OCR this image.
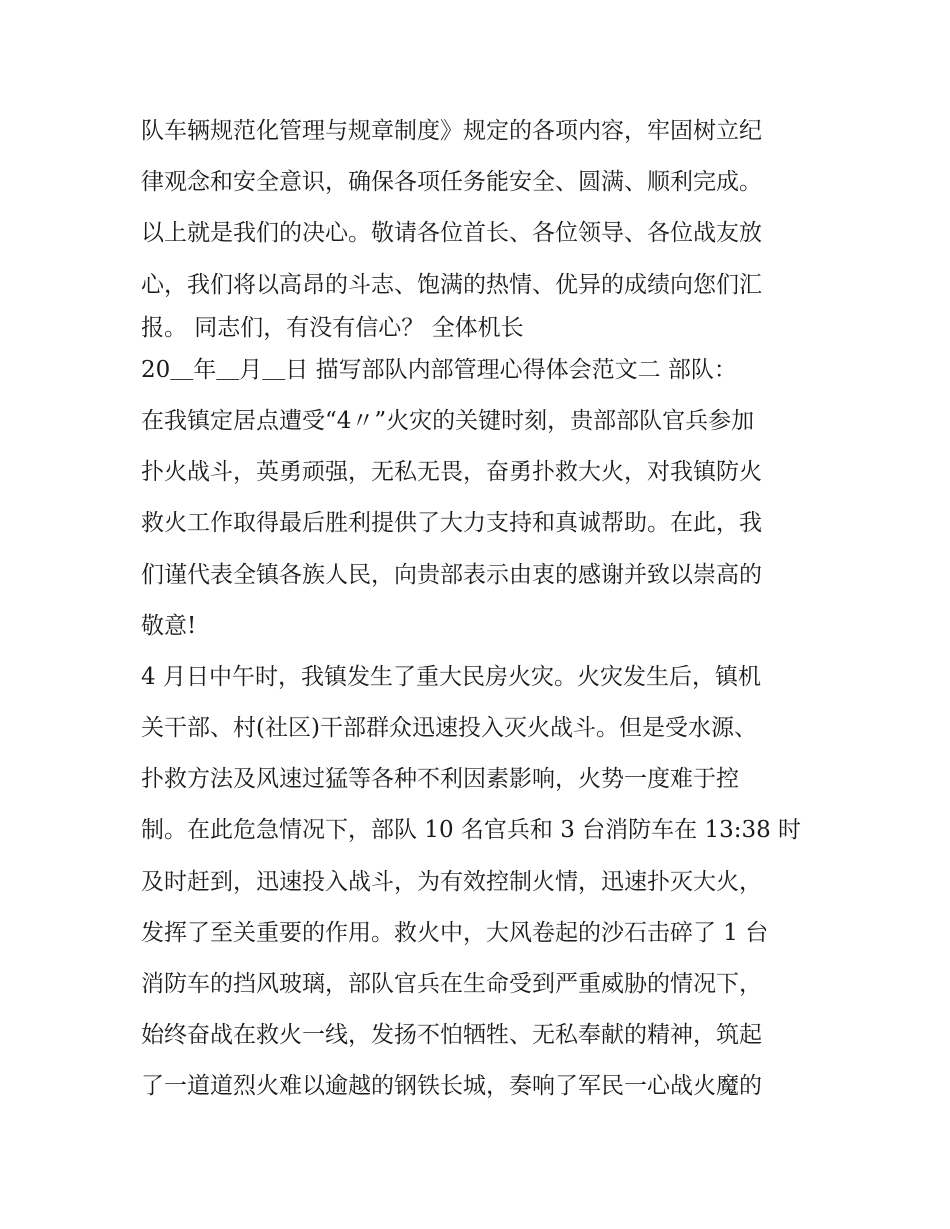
队车辆规范化管理与规章制度》规定的各项内容，牢固树立纪
律观念和安全意识，确保各项任务能安全、圆满、顺利完成。
以上就是我们的决心。敬请各位首长、各位领导、各位战友放
心，我们将以高昂的斗志、饱满的热情、优异的成绩向您们汇
报。 同志们，有没有信心？ 全体机长
20＿年＿月＿日 描写部队内部管理心得体会范文二 部队：
在我镇定居点遭受“4〃”火灾的关键时刻，贵部部队官兵参加
扑火战斗，英勇顽强，无私无畏，奋勇扑救大火，对我镇防火
救火工作取得最后胜利提供了大力支持和真诚帮助。在此，我
们谨代表全镇各族人民，向贵部表示由衷的感谢并致以崇高的
敬意!
4 月日中午时，我镇发生了重大民房火灾。火灾发生后，镇机
关干部、村(社区)干部群众迅速投入灭火战斗。但是受水源、
扑救方法及风速过猛等各种不利因素影响，火势一度难于控
制。在此危急情况下，部队 10 名官兵和 3 台消防车在 13:38 时
及时赶到，迅速投入战斗，为有效控制火情，迅速扑灭大火，
发挥了至关重要的作用。救火中，大风卷起的沙石击碎了 1 台
消防车的挡风玻璃，部队官兵在生命受到严重威胁的情况下，
始终奋战在救火一线，发扬不怕牺牲、无私奉献的精神，筑起
了一道道烈火难以逾越的钢铁长城，奏响了军民一心战火魔的
